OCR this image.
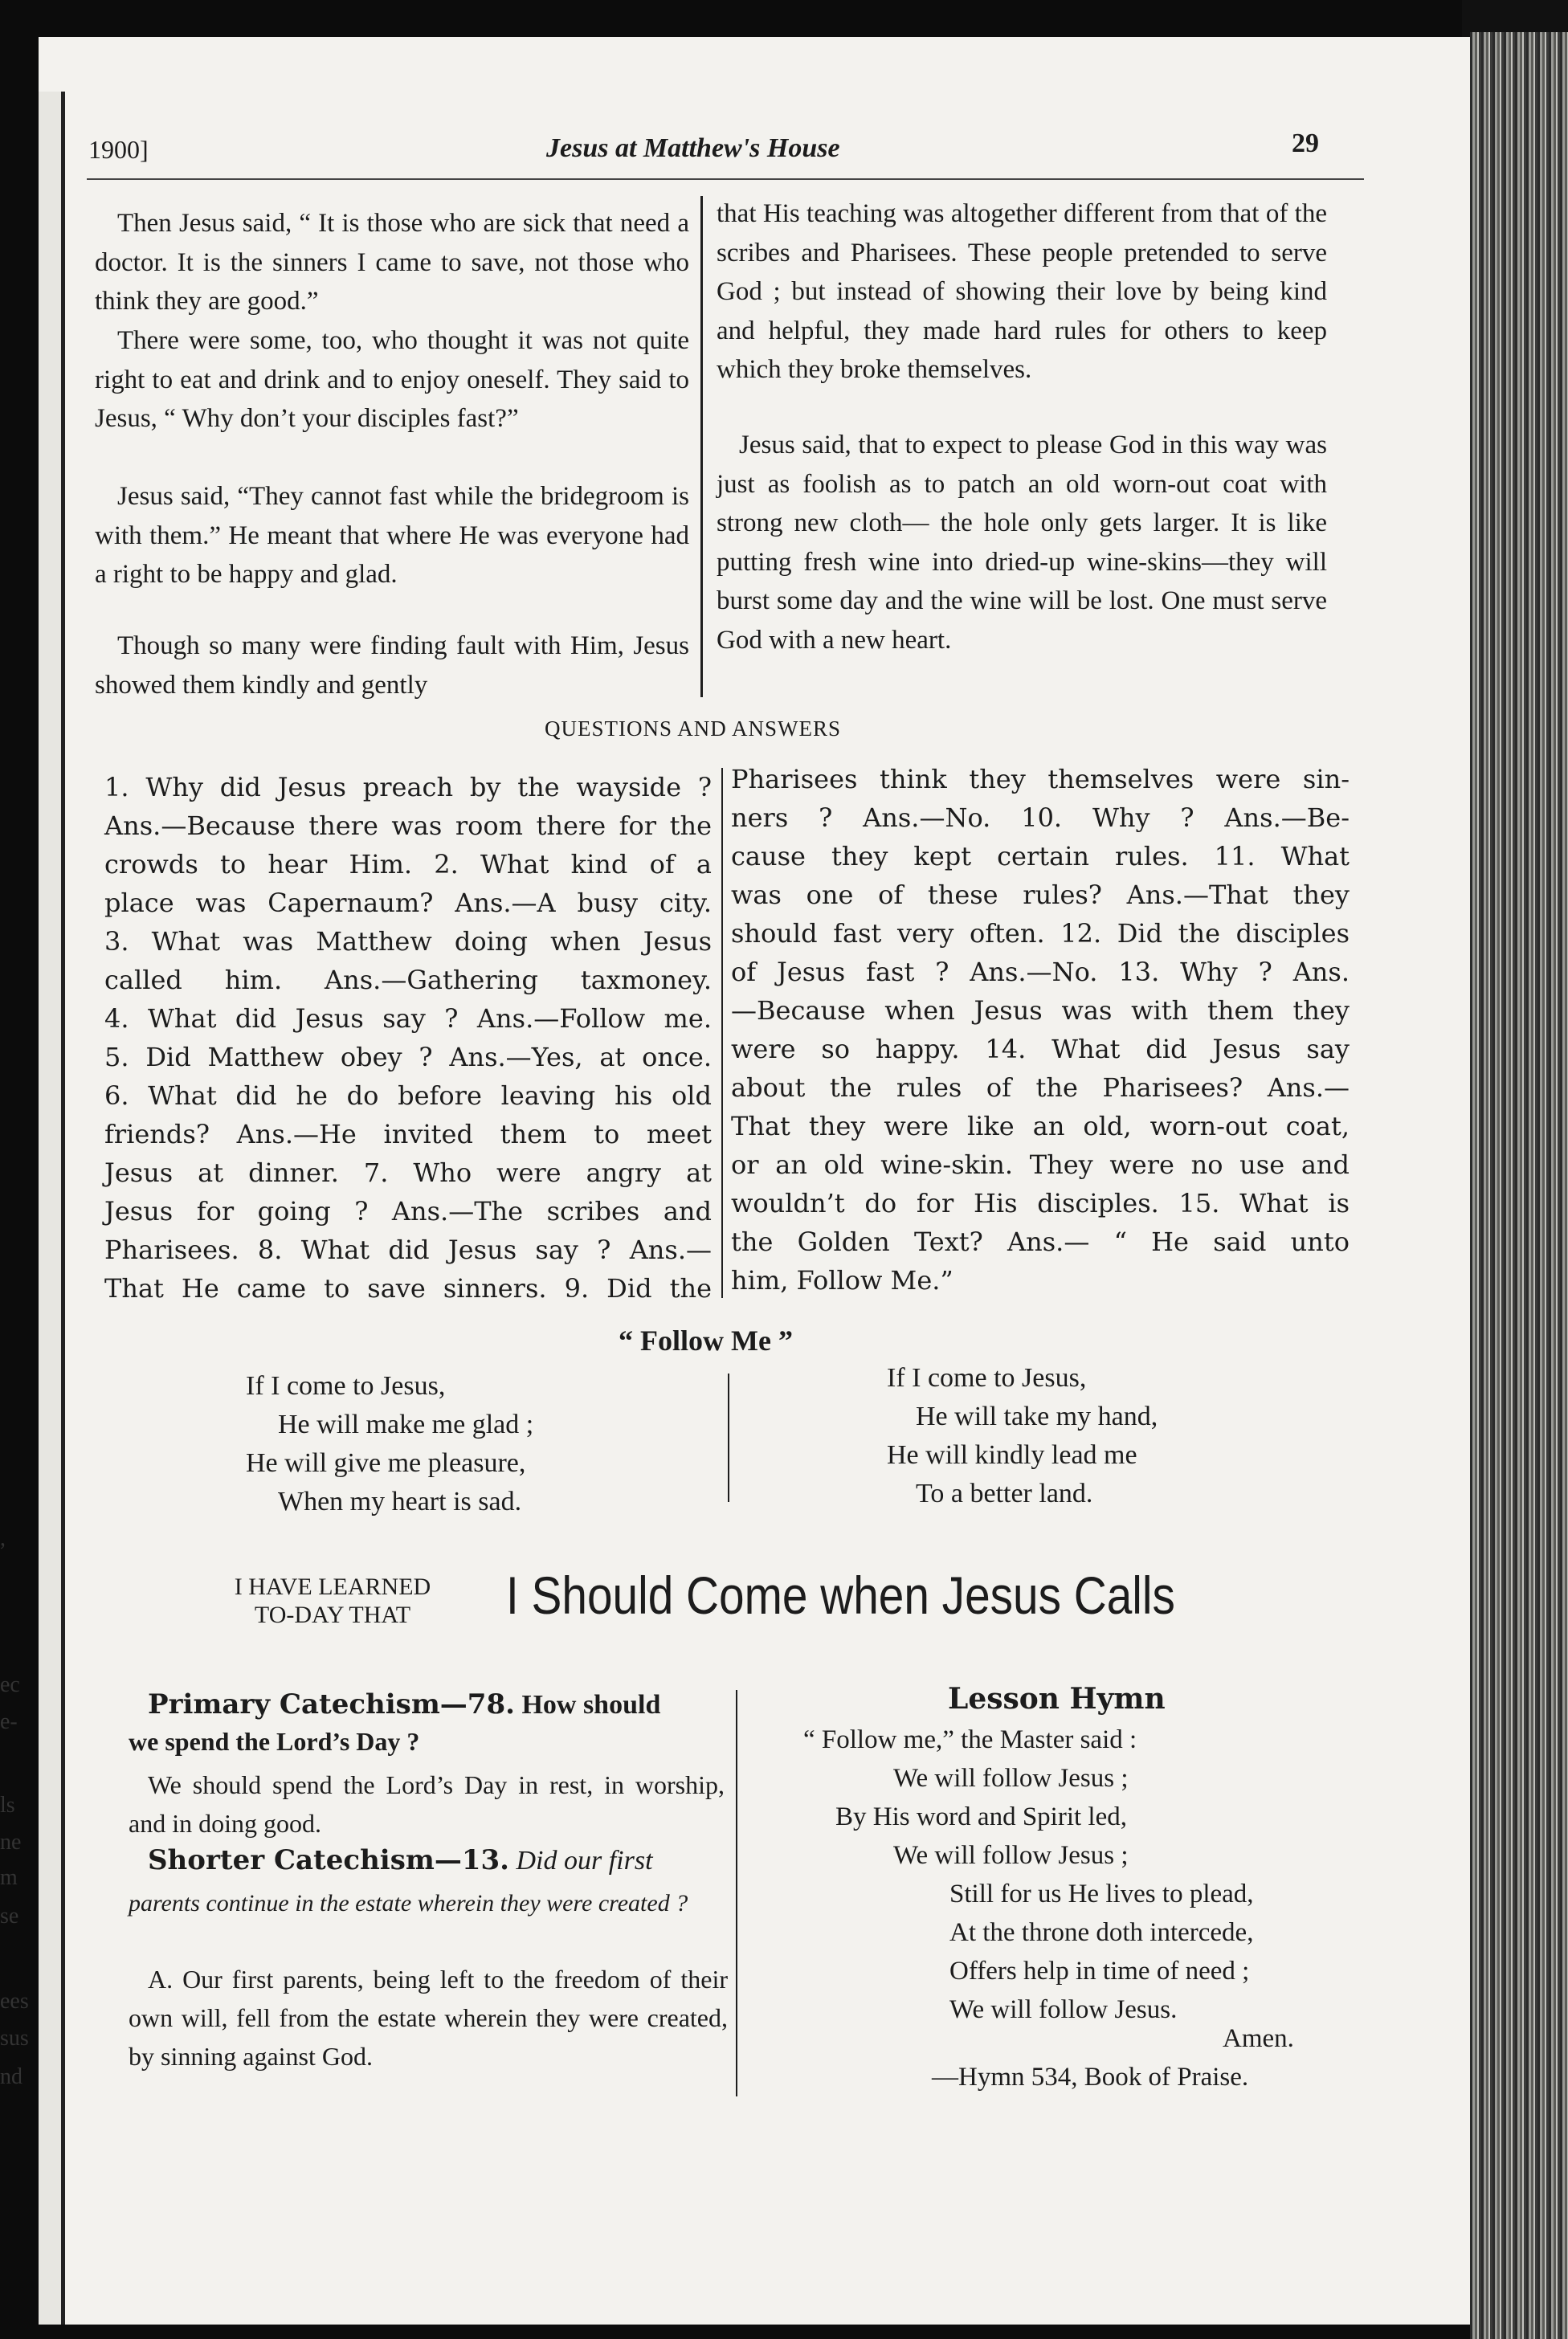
,
ec
e-
ls
ne
m
se
ees
sus
nd
1900]	Jesus at Matthew's House	29
Then Jesus said, “ It is those who are sick that need a doctor. It is the sinners I came to save, not those who think they are good.”
There were some, too, who thought it was not quite right to eat and drink and to enjoy oneself. They said to Jesus, “ Why don’t your disciples fast?”
Jesus said, “They cannot fast while the bridegroom is with them.” He meant that where He was everyone had a right to be happy and glad.
Though so many were finding fault with Him, Jesus showed them kindly and gently
that His teaching was altogether different from that of the scribes and Pharisees. These people pretended to serve God ; but instead of showing their love by being kind and helpful, they made hard rules for others to keep which they broke themselves.
Jesus said, that to expect to please God in this way was just as foolish as to patch an old worn-out coat with strong new cloth— the hole only gets larger. It is like putting fresh wine into dried-up wine-skins—they will burst some day and the wine will be lost. One must serve God with a new heart.
QUESTIONS AND ANSWERS
1. Why did Jesus preach by the wayside ?
Ans.—Because there was room there for the
crowds to hear Him. 2. What kind of a
place was Capernaum? Ans.—A busy city.
3. What was Matthew doing when Jesus
called him. Ans.—Gathering taxmoney.
4. What did Jesus say ? Ans.—Follow me.
5. Did Matthew obey ? Ans.—Yes, at once.
6. What did he do before leaving his old
friends? Ans.—He invited them to meet
Jesus at dinner. 7. Who were angry at
Jesus for going ? Ans.—The scribes and
Pharisees. 8. What did Jesus say ? Ans.—
That He came to save sinners. 9. Did the
Pharisees think they themselves were sin-
ners ? Ans.—No. 10. Why ? Ans.—Be-
cause they kept certain rules. 11. What
was one of these rules? Ans.—That they
should fast very often. 12. Did the disciples
of Jesus fast ? Ans.—No. 13. Why ? Ans.
—Because when Jesus was with them they
were so happy. 14. What did Jesus say
about the rules of the Pharisees? Ans.—
That they were like an old, worn-out coat,
or an old wine-skin. They were no use and
wouldn’t do for His disciples. 15. What is
the Golden Text? Ans.— “ He said unto
him, Follow Me.”
“ Follow Me ”
If I come to Jesus,
He will make me glad ;
He will give me pleasure,
When my heart is sad.
If I come to Jesus,
He will take my hand,
He will kindly lead me
To a better land.
I HAVE LEARNED
TO-DAY THAT	I Should Come when Jesus Calls
Primary Catechism—78. How should
we spend the Lord’s Day ?
We should spend the Lord’s Day in rest, in worship, and in doing good.
Shorter Catechism—13. Did our first
parents continue in the estate wherein they were created ?
A. Our first parents, being left to the freedom of their own will, fell from the estate wherein they were created, by sinning against God.
Lesson Hymn
“ Follow me,” the Master said :
We will follow Jesus ;
By His word and Spirit led,
We will follow Jesus ;
Still for us He lives to plead,
At the throne doth intercede,
Offers help in time of need ;
We will follow Jesus.
Amen.
—Hymn 534, Book of Praise.
